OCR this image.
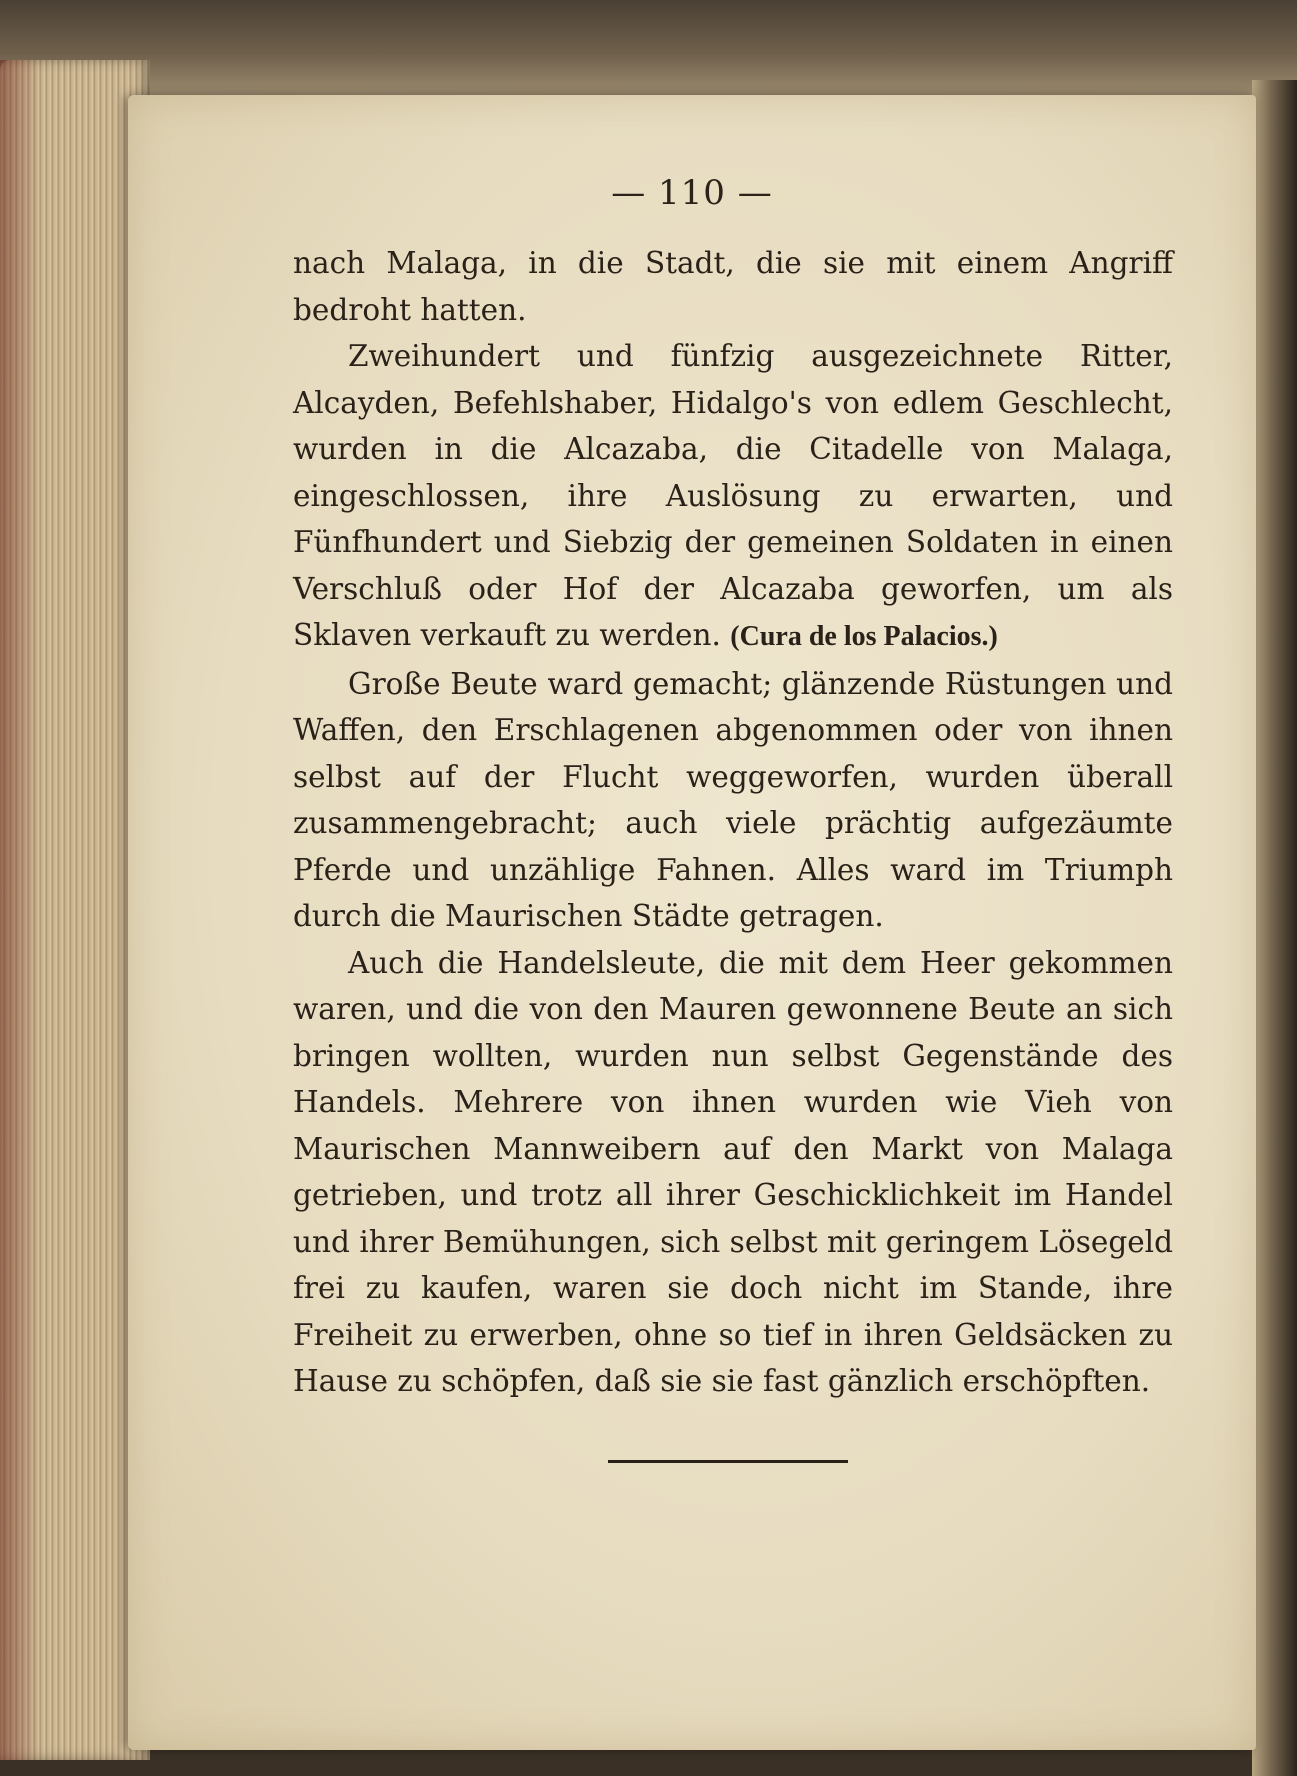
— 110 —

nach Malaga, in die Stadt, die sie mit einem Angriff bedroht hatten.

Zweihundert und fünfzig ausgezeichnete Ritter, Alcayden, Befehlshaber, Hidalgo's von edlem Geschlecht, wurden in die Alcazaba, die Citadelle von Malaga, eingeschlossen, ihre Auslösung zu erwarten, und Fünfhundert und Siebzig der gemeinen Soldaten in einen Verschluß oder Hof der Alcazaba geworfen, um als Sklaven verkauft zu werden. (Cura de los Palacios.)

Große Beute ward gemacht; glänzende Rüstungen und Waffen, den Erschlagenen abgenommen oder von ihnen selbst auf der Flucht weggeworfen, wurden überall zusammengebracht; auch viele prächtig aufgezäumte Pferde und unzählige Fahnen. Alles ward im Triumph durch die Maurischen Städte getragen.

Auch die Handelsleute, die mit dem Heer gekommen waren, und die von den Mauren gewonnene Beute an sich bringen wollten, wurden nun selbst Gegenstände des Handels. Mehrere von ihnen wurden wie Vieh von Maurischen Mannweibern auf den Markt von Malaga getrieben, und trotz all ihrer Geschicklichkeit im Handel und ihrer Bemühungen, sich selbst mit geringem Lösegeld frei zu kaufen, waren sie doch nicht im Stande, ihre Freiheit zu erwerben, ohne so tief in ihren Geldsäcken zu Hause zu schöpfen, daß sie sie fast gänzlich erschöpften.
